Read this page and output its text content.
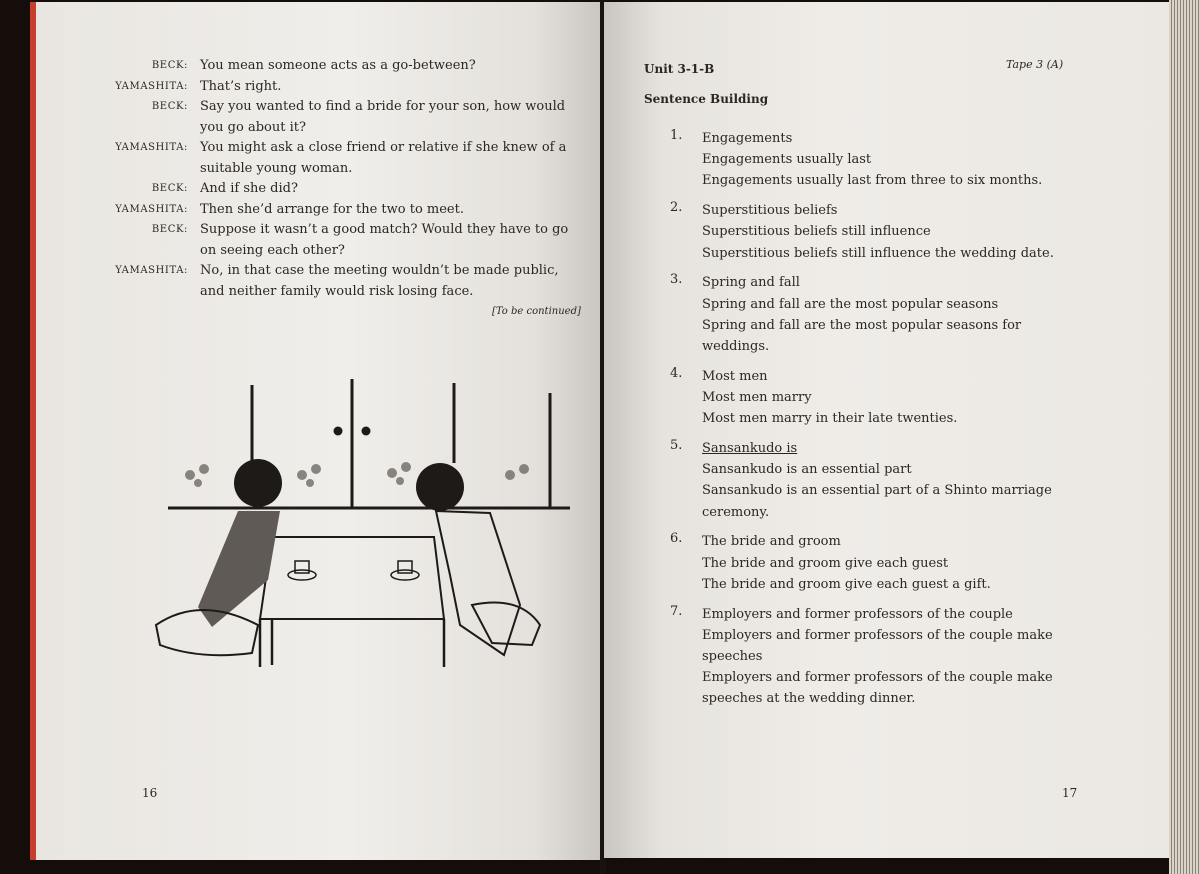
BECK: You mean someone acts as a go-between?
YAMASHITA: That’s right.
BECK: Say you wanted to find a bride for your son, how would you go about it?
YAMASHITA: You might ask a close friend or relative if she knew of a suitable young woman.
BECK: And if she did?
YAMASHITA: Then she’d arrange for the two to meet.
BECK: Suppose it wasn’t a good match? Would they have to go on seeing each other?
YAMASHITA: No, in that case the meeting wouldn’t be made public, and neither family would risk losing face.
[To be continued]
16
Unit 3-1-B	Tape 3 (A)
Sentence Building
1.	Engagements
Engagements usually last
Engagements usually last from three to six months.
2.	Superstitious beliefs
Superstitious beliefs still influence
Superstitious beliefs still influence the wedding date.
3.	Spring and fall
Spring and fall are the most popular seasons
Spring and fall are the most popular seasons for weddings.
4.	Most men
Most men marry
Most men marry in their late twenties.
5.	Sansankudo is
Sansankudo is an essential part
Sansankudo is an essential part of a Shinto marriage ceremony.
6.	The bride and groom
The bride and groom give each guest
The bride and groom give each guest a gift.
7.	Employers and former professors of the couple
Employers and former professors of the couple make speeches
Employers and former professors of the couple make speeches at the wedding dinner.
17
